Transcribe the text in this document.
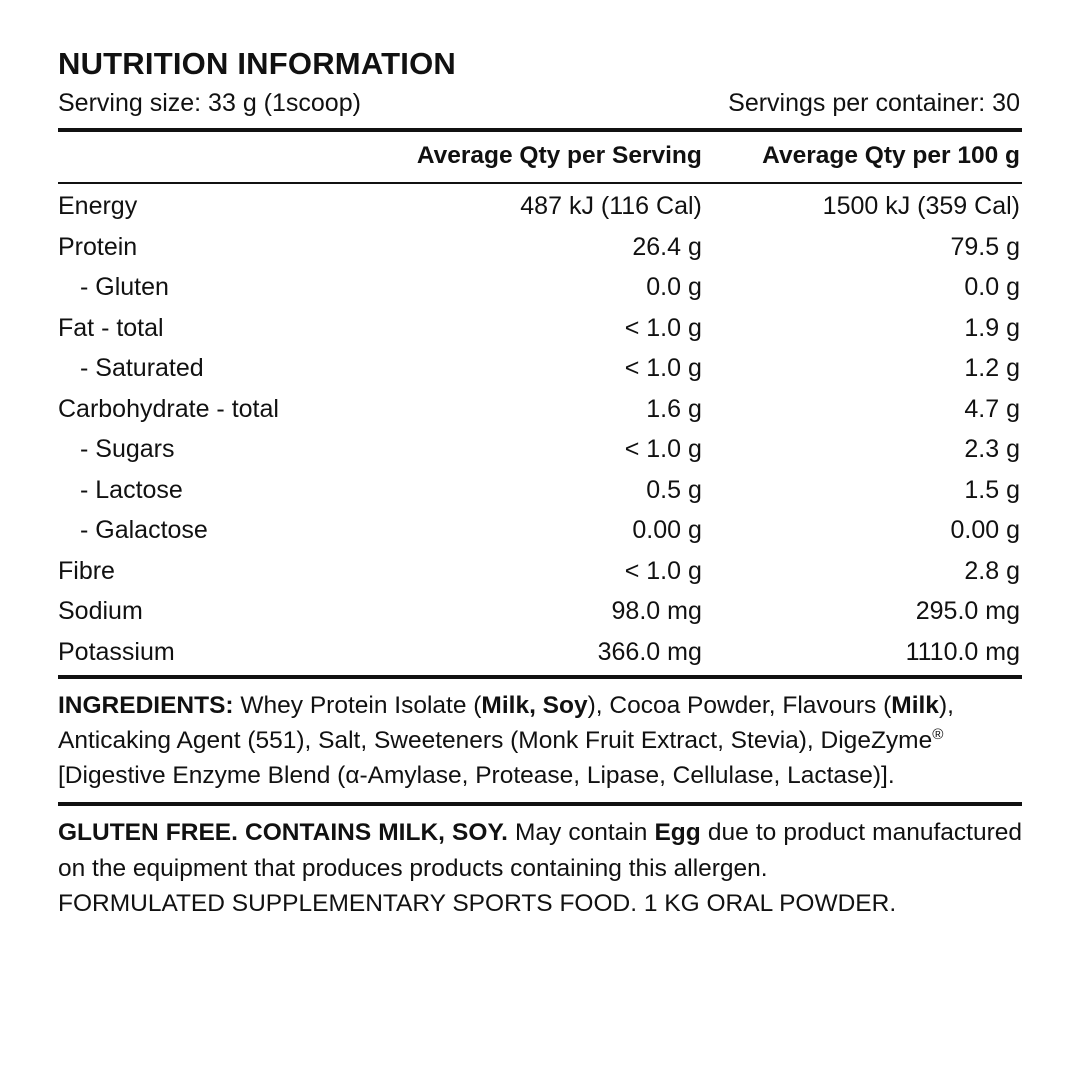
NUTRITION INFORMATION
Serving size: 33 g (1scoop)	Servings per container: 30
	Average Qty per Serving	Average Qty per 100 g

Energy	487 kJ (116 Cal)	1500 kJ (359 Cal)
Protein	26.4 g	79.5 g
- Gluten	0.0 g	0.0 g
Fat - total	< 1.0 g	1.9 g
- Saturated	< 1.0 g	1.2 g
Carbohydrate - total	1.6 g	4.7 g
- Sugars	< 1.0 g	2.3 g
- Lactose	0.5 g	1.5 g
- Galactose	0.00 g	0.00 g
Fibre	< 1.0 g	2.8 g
Sodium	98.0 mg	295.0 mg
Potassium	366.0 mg	1110.0 mg
INGREDIENTS: Whey Protein Isolate (Milk, Soy), Cocoa Powder, Flavours (Milk), Anticaking Agent (551), Salt, Sweeteners (Monk Fruit Extract, Stevia), DigeZyme® [Digestive Enzyme Blend (α-Amylase, Protease, Lipase, Cellulase, Lactase)].
GLUTEN FREE. CONTAINS MILK, SOY. May contain Egg due to product manufactured on the equipment that produces products containing this allergen.
FORMULATED SUPPLEMENTARY SPORTS FOOD. 1 KG ORAL POWDER.
